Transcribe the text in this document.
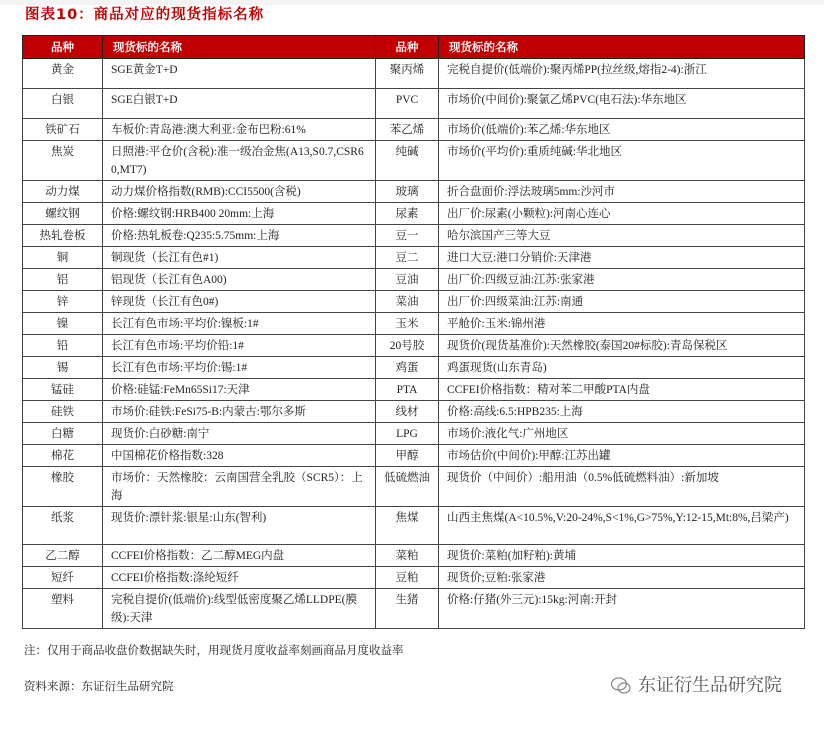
图表10：商品对应的现货指标名称
品种	现货标的名称	品种	现货标的名称
黄金	SGE黄金T+D	聚丙烯	完税自提价(低端价):聚丙烯PP(拉丝级,熔指2-4):浙江
白银	SGE白银T+D	PVC	市场价(中间价):聚氯乙烯PVC(电石法):华东地区
铁矿石	车板价:青岛港:澳大利亚:金布巴粉:61%	苯乙烯	市场价(低端价):苯乙烯:华东地区
焦炭	日照港:平仓价(含税):准一级冶金焦(A13,S0.7,CSR60,MT7)	纯碱	市场价(平均价):重质纯碱:华北地区
动力煤	动力煤价格指数(RMB):CCI5500(含税)	玻璃	折合盘面价:浮法玻璃5mm:沙河市
螺纹钢	价格:螺纹钢:HRB400 20mm:上海	尿素	出厂价:尿素(小颗粒):河南心连心
热轧卷板	价格:热轧板卷:Q235:5.75mm:上海	豆一	哈尔滨国产三等大豆
铜	铜现货（长江有色#1)	豆二	进口大豆:港口分销价:天津港
铝	铝现货（长江有色A00)	豆油	出厂价:四级豆油:江苏:张家港
锌	锌现货（长江有色0#)	菜油	出厂价:四级菜油:江苏:南通
镍	长江有色市场:平均价:镍板:1#	玉米	平舱价:玉米:锦州港
铅	长江有色市场:平均价铅:1#	20号胶	现货价(现货基准价):天然橡胶(泰国20#标胶):青岛保税区
锡	长江有色市场:平均价:锡:1#	鸡蛋	鸡蛋现货(山东青岛)
锰硅	价格:硅锰:FeMn65Si17:天津	PTA	CCFEI价格指数：精对苯二甲酸PTA内盘
硅铁	市场价:硅铁:FeSi75-B:内蒙古:鄂尔多斯	线材	价格:高线:6.5:HPB235:上海
白糖	现货价:白砂糖:南宁	LPG	市场价:液化气:广州地区
棉花	中国棉花价格指数:328	甲醇	市场估价(中间价):甲醇:江苏出罐
橡胶	市场价：天然橡胶：云南国营全乳胶（SCR5）：上海	低硫燃油	现货价（中间价）:船用油（0.5%低硫燃料油）:新加坡
纸浆	现货价:漂针浆:银星:山东(智利)	焦煤	山西主焦煤(A<10.5%,V:20-24%,S<1%,G>75%,Y:12-15,Mt:8%,吕梁产)
乙二醇	CCFEI价格指数：乙二醇MEG内盘	菜粕	现货价:菜粕(加籽粕):黄埔
短纤	CCFEI价格指数:涤纶短纤	豆粕	现货价;豆粕:张家港
塑料	完税自提价(低端价):线型低密度聚乙烯LLDPE(膜级):天津	生猪	价格:仔猪(外三元):15kg:河南:开封
注：仅用于商品收盘价数据缺失时，用现货月度收益率刻画商品月度收益率
资料来源：东证衍生品研究院	东证衍生品研究院
